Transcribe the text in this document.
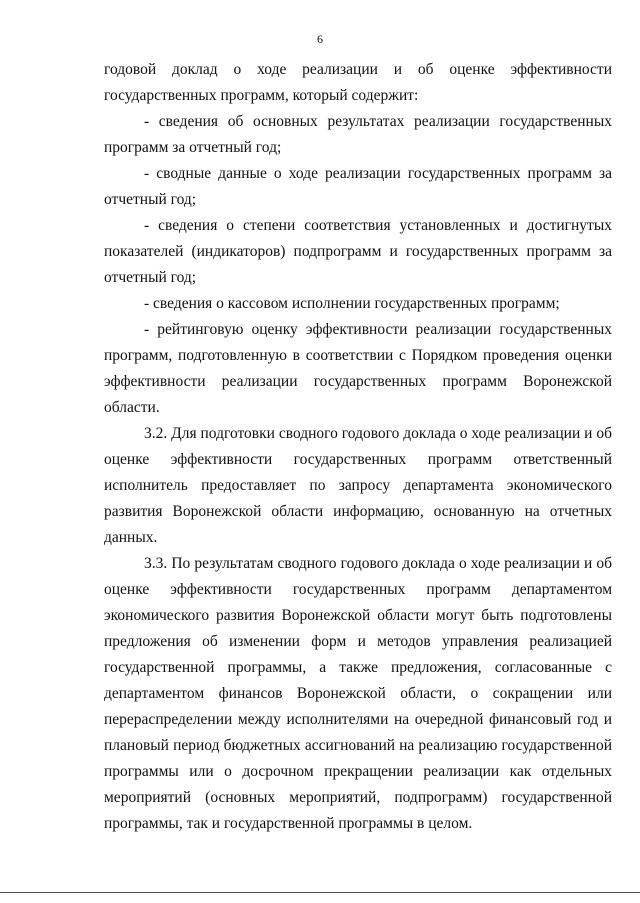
6

годовой доклад о ходе реализации и об оценке эффективности государственных программ, который содержит:

- сведения об основных результатах реализации государственных программ за отчетный год;

- сводные данные о ходе реализации государственных программ за отчетный год;

- сведения о степени соответствия установленных и достигнутых показателей (индикаторов) подпрограмм и государственных программ за отчетный год;

- сведения о кассовом исполнении государственных программ;

- рейтинговую оценку эффективности реализации государственных программ, подготовленную в соответствии с Порядком проведения оценки эффективности реализации государственных программ Воронежской области.

3.2. Для подготовки сводного годового доклада о ходе реализации и об оценке эффективности государственных программ ответственный исполнитель предоставляет по запросу департамента экономического развития Воронежской области информацию, основанную на отчетных данных.

3.3. По результатам сводного годового доклада о ходе реализации и об оценке эффективности государственных программ департаментом экономического развития Воронежской области могут быть подготовлены предложения об изменении форм и методов управления реализацией государственной программы, а также предложения, согласованные с департаментом финансов Воронежской области, о сокращении или перераспределении между исполнителями на очередной финансовый год и плановый период бюджетных ассигнований на реализацию государственной программы или о досрочном прекращении реализации как отдельных мероприятий (основных мероприятий, подпрограмм) государственной программы, так и государственной программы в целом.
